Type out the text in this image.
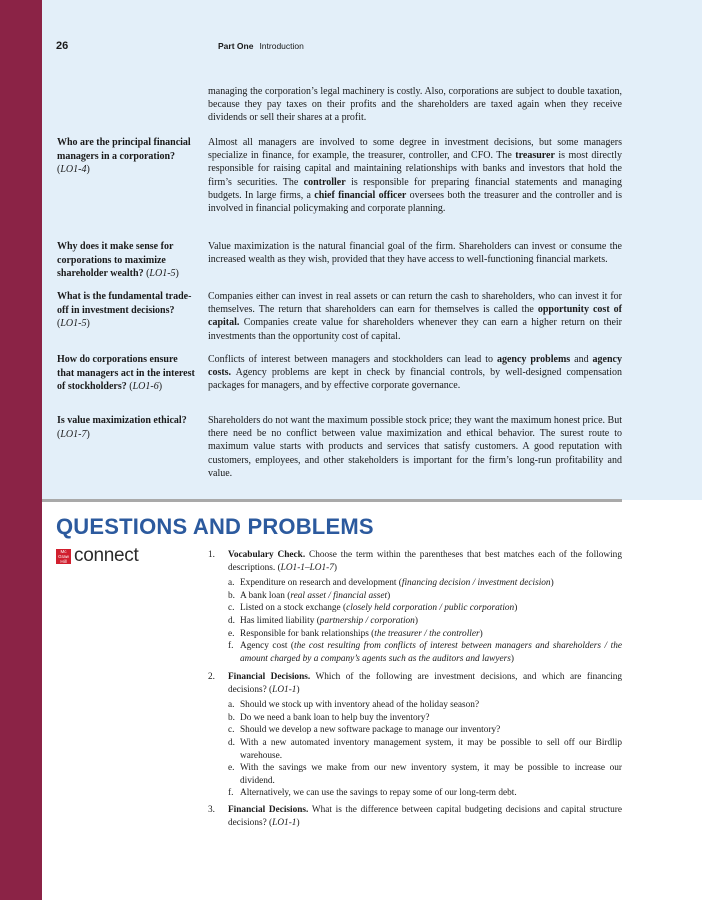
26	Part One Introduction
managing the corporation’s legal machinery is costly. Also, corporations are subject to double taxation, because they pay taxes on their profits and the shareholders are taxed again when they receive dividends or sell their shares at a profit.
Who are the principal financial managers in a corporation? (LO1-4)
Almost all managers are involved to some degree in investment decisions, but some managers specialize in finance, for example, the treasurer, controller, and CFO. The treasurer is most directly responsible for raising capital and maintaining relationships with banks and investors that hold the firm’s securities. The controller is responsible for preparing financial statements and managing budgets. In large firms, a chief financial officer oversees both the treasurer and the controller and is involved in financial policymaking and corporate planning.
Why does it make sense for corporations to maximize shareholder wealth? (LO1-5)
Value maximization is the natural financial goal of the firm. Shareholders can invest or consume the increased wealth as they wish, provided that they have access to well-functioning financial markets.
What is the fundamental trade-off in investment decisions? (LO1-5)
Companies either can invest in real assets or can return the cash to shareholders, who can invest it for themselves. The return that shareholders can earn for themselves is called the opportunity cost of capital. Companies create value for shareholders whenever they can earn a higher return on their investments than the opportunity cost of capital.
How do corporations ensure that managers act in the interest of stockholders? (LO1-6)
Conflicts of interest between managers and stockholders can lead to agency problems and agency costs. Agency problems are kept in check by financial controls, by well-designed compensation packages for managers, and by effective corporate governance.
Is value maximization ethical? (LO1-7)
Shareholders do not want the maximum possible stock price; they want the maximum honest price. But there need be no conflict between value maximization and ethical behavior. The surest route to maximum value starts with products and services that satisfy customers. A good reputation with customers, employees, and other stakeholders is important for the firm’s long-run profitability and value.
QUESTIONS AND PROBLEMS
Mc Graw Hill connect	1.	Vocabulary Check. Choose the term within the parentheses that best matches each of the following descriptions. (LO1-1–LO1-7)
a. Expenditure on research and development (financing decision / investment decision)
b. A bank loan (real asset / financial asset)
c. Listed on a stock exchange (closely held corporation / public corporation)
d. Has limited liability (partnership / corporation)
e. Responsible for bank relationships (the treasurer / the controller)
f. Agency cost (the cost resulting from conflicts of interest between managers and shareholders / the amount charged by a company’s agents such as the auditors and lawyers)
2.	Financial Decisions. Which of the following are investment decisions, and which are financing decisions? (LO1-1)
a. Should we stock up with inventory ahead of the holiday season?
b. Do we need a bank loan to help buy the inventory?
c. Should we develop a new software package to manage our inventory?
d. With a new automated inventory management system, it may be possible to sell off our Birdlip warehouse.
e. With the savings we make from our new inventory system, it may be possible to increase our dividend.
f. Alternatively, we can use the savings to repay some of our long-term debt.
3.	Financial Decisions. What is the difference between capital budgeting decisions and capital structure decisions? (LO1-1)
